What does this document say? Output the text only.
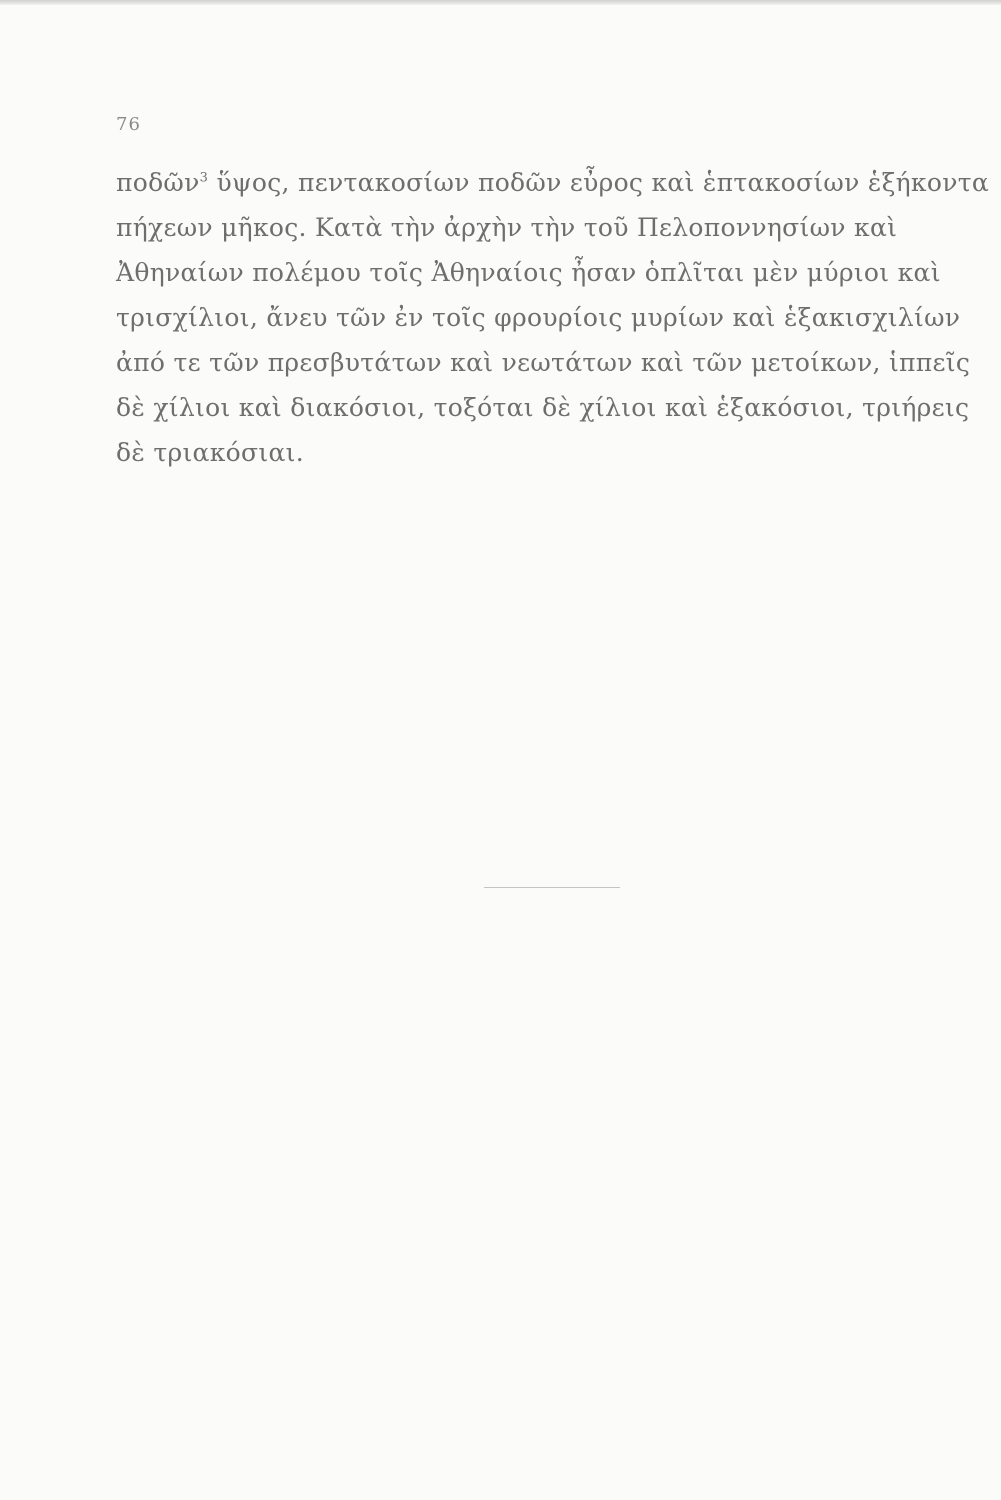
76

ποδῶν$^3$ ὕψος, πεντακοσίων ποδῶν εὖρος καὶ ἑπτακοσίων ἑξήκοντα
πήχεων μῆκος. Κατὰ τὴν ἀρχὴν τὴν τοῦ Πελοποννησίων καὶ
Ἀθηναίων πολέμου τοῖς Ἀθηναίοις ἦσαν ὁπλῖται μὲν μύριοι καὶ
τρισχίλιοι, ἄνευ τῶν ἐν τοῖς φρουρίοις μυρίων καὶ ἑξακισχιλίων
ἀπό τε τῶν πρεσβυτάτων καὶ νεωτάτων καὶ τῶν μετοίκων, ἱππεῖς
δὲ χίλιοι καὶ διακόσιοι, τοξόται δὲ χίλιοι καὶ ἑξακόσιοι, τριήρεις
δὲ τριακόσιαι.
